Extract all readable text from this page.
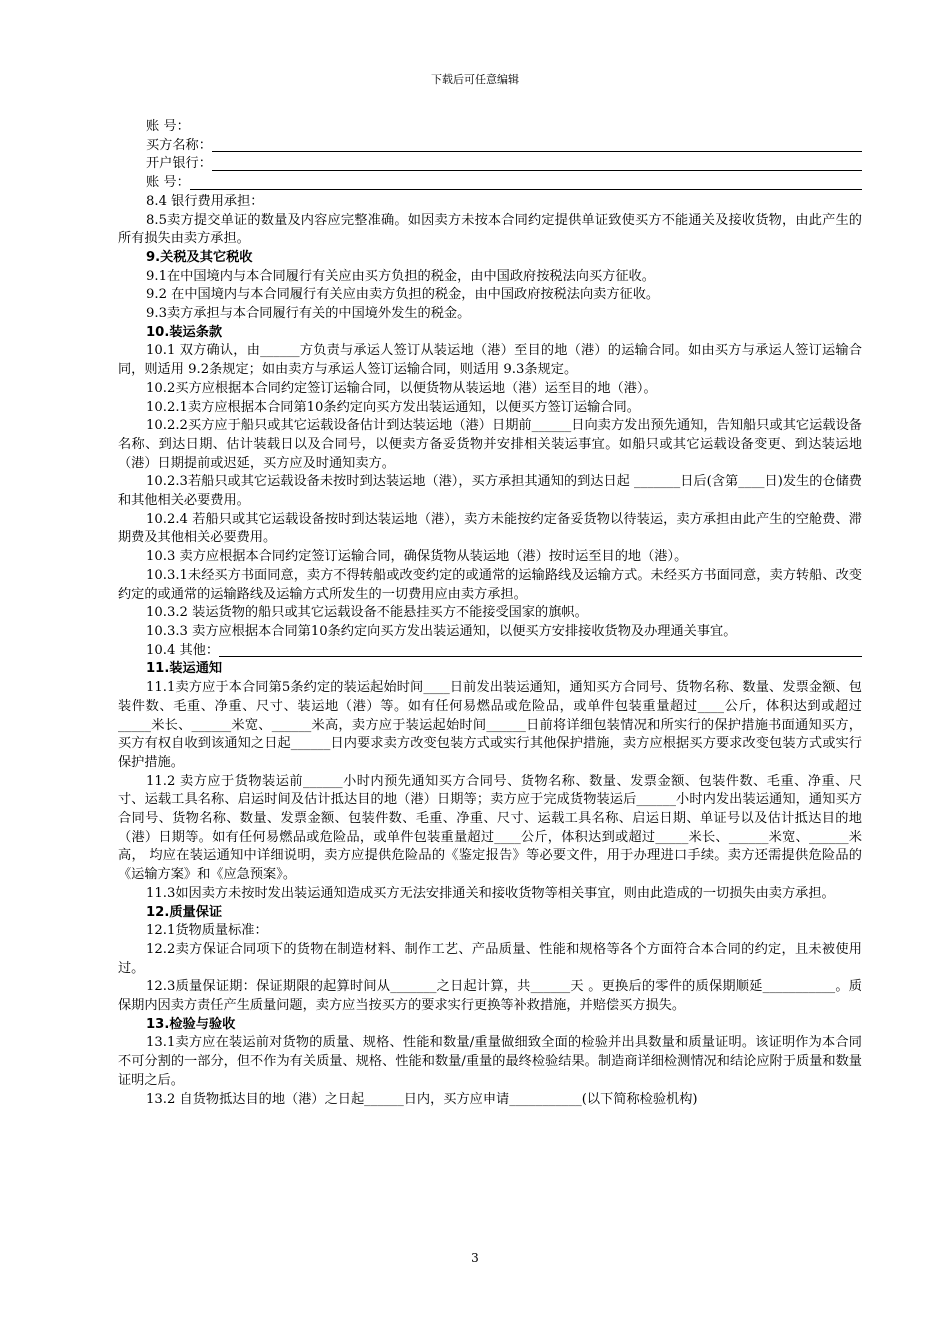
下载后可任意编辑
账 号：
买方名称：
开户银行：
账 号：
8.4 银行费用承担：
8.5卖方提交单证的数量及内容应完整准确。如因卖方未按本合同约定提供单证致使买方不能通关及接收货物，由此产生的所有损失由卖方承担。
9.关税及其它税收
9.1在中国境内与本合同履行有关应由买方负担的税金，由中国政府按税法向买方征收。
9.2 在中国境内与本合同履行有关应由卖方负担的税金，由中国政府按税法向卖方征收。
9.3卖方承担与本合同履行有关的中国境外发生的税金。
10.装运条款
10.1 双方确认，由______方负责与承运人签订从装运地（港）至目的地（港）的运输合同。如由买方与承运人签订运输合同，则适用 9.2条规定；如由卖方与承运人签订运输合同，则适用 9.3条规定。
10.2买方应根据本合同约定签订运输合同，以便货物从装运地（港）运至目的地（港）。
10.2.1卖方应根据本合同第10条约定向买方发出装运通知，以便买方签订运输合同。
10.2.2买方应于船只或其它运载设备估计到达装运地（港）日期前______日向卖方发出预先通知，告知船只或其它运载设备名称、到达日期、估计装载日以及合同号，以便卖方备妥货物并安排相关装运事宜。如船只或其它运载设备变更、到达装运地（港）日期提前或迟延，买方应及时通知卖方。
10.2.3若船只或其它运载设备未按时到达装运地（港），买方承担其通知的到达日起 _______日后(含第____日)发生的仓储费和其他相关必要费用。
10.2.4 若船只或其它运载设备按时到达装运地（港），卖方未能按约定备妥货物以待装运，卖方承担由此产生的空舱费、滞期费及其他相关必要费用。
10.3 卖方应根据本合同约定签订运输合同，确保货物从装运地（港）按时运至目的地（港）。
10.3.1未经买方书面同意，卖方不得转船或改变约定的或通常的运输路线及运输方式。未经买方书面同意，卖方转船、改变约定的或通常的运输路线及运输方式所发生的一切费用应由卖方承担。
10.3.2 装运货物的船只或其它运载设备不能悬挂买方不能接受国家的旗帜。
10.3.3 卖方应根据本合同第10条约定向买方发出装运通知，以便买方安排接收货物及办理通关事宜。
10.4 其他：
11.装运通知
11.1卖方应于本合同第5条约定的装运起始时间____日前发出装运通知，通知买方合同号、货物名称、数量、发票金额、包装件数、毛重、净重、尺寸、装运地（港）等。如有任何易燃品或危险品，或单件包装重量超过____公斤，体积达到或超过_____米长、______米宽、______米高，卖方应于装运起始时间______日前将详细包装情况和所实行的保护措施书面通知买方，买方有权自收到该通知之日起______日内要求卖方改变包装方式或实行其他保护措施，卖方应根据买方要求改变包装方式或实行保护措施。
11.2 卖方应于货物装运前______小时内预先通知买方合同号、货物名称、数量、发票金额、包装件数、毛重、净重、尺寸、运载工具名称、启运时间及估计抵达目的地（港）日期等；卖方应于完成货物装运后______小时内发出装运通知，通知买方合同号、货物名称、数量、发票金额、包装件数、毛重、净重、尺寸、运载工具名称、启运日期、单证号以及估计抵达目的地（港）日期等。如有任何易燃品或危险品，或单件包装重量超过____公斤，体积达到或超过_____米长、______米宽、______米高， 均应在装运通知中详细说明，卖方应提供危险品的《鉴定报告》等必要文件，用于办理进口手续。卖方还需提供危险品的《运输方案》和《应急预案》。
11.3如因卖方未按时发出装运通知造成买方无法安排通关和接收货物等相关事宜，则由此造成的一切损失由卖方承担。
12.质量保证
12.1货物质量标准：
12.2卖方保证合同项下的货物在制造材料、制作工艺、产品质量、性能和规格等各个方面符合本合同的约定，且未被使用过。
12.3质量保证期：保证期限的起算时间从_______之日起计算，共______天 。更换后的零件的质保期顺延___________。质保期内因卖方责任产生质量问题，卖方应当按买方的要求实行更换等补救措施，并赔偿买方损失。
13.检验与验收
13.1卖方应在装运前对货物的质量、规格、性能和数量/重量做细致全面的检验并出具数量和质量证明。该证明作为本合同不可分割的一部分，但不作为有关质量、规格、性能和数量/重量的最终检验结果。制造商详细检测情况和结论应附于质量和数量证明之后。
13.2 自货物抵达目的地（港）之日起______日内，买方应申请___________(以下简称检验机构)
3
